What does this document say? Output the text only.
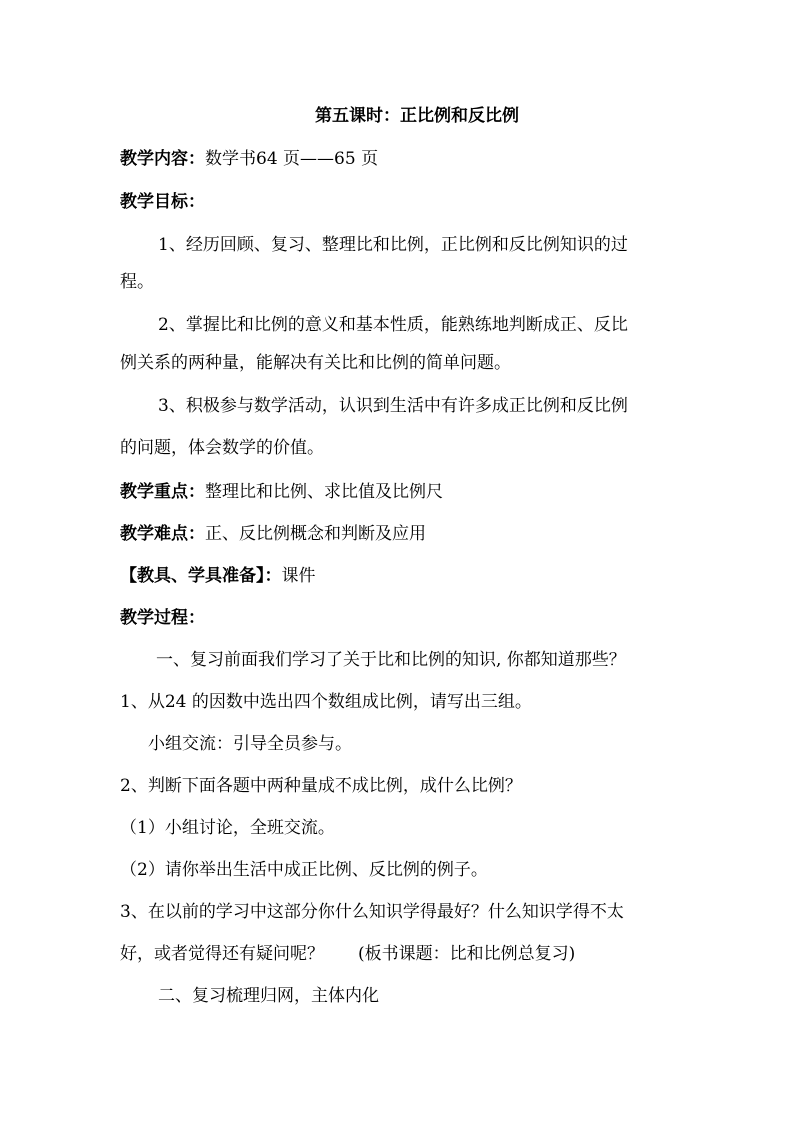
第五课时：正比例和反比例
教学内容：数学书64 页——65 页
教学目标：
1、经历回顾、复习、整理比和比例，正比例和反比例知识的过
程。
2、掌握比和比例的意义和基本性质，能熟练地判断成正、反比
例关系的两种量，能解决有关比和比例的简单问题。
3、积极参与数学活动，认识到生活中有许多成正比例和反比例
的问题，体会数学的价值。
教学重点：整理比和比例、求比值及比例尺
教学难点：正、反比例概念和判断及应用
【教具、学具准备】：课件
教学过程：
一、复习前面我们学习了关于比和比例的知识, 你都知道那些？
1、从24 的因数中选出四个数组成比例，请写出三组。
小组交流：引导全员参与。
2、判断下面各题中两种量成不成比例，成什么比例？
（1）小组讨论，全班交流。
（2）请你举出生活中成正比例、反比例的例子。
3、在以前的学习中这部分你什么知识学得最好？什么知识学得不太
好，或者觉得还有疑问呢？　　(板书课题：比和比例总复习)
二、复习梳理归网，主体内化
